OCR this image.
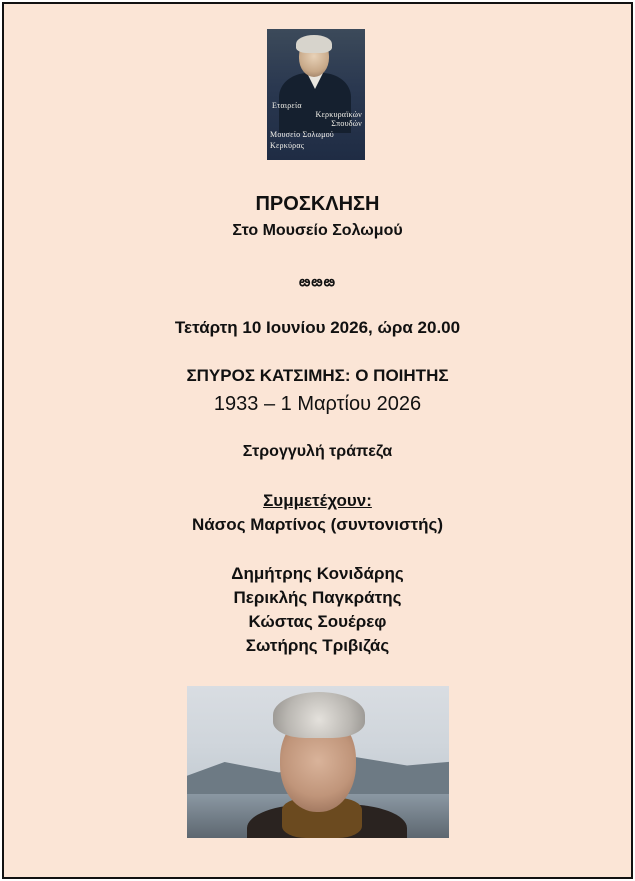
Εταιρεία
Κερκυραϊκών
Σπουδών
Μουσείο Σολωμού
Κερκύρας
ΠΡΟΣΚΛΗΣΗ
Στο Μουσείο Σολωμού
ఴఴఴ
Τετάρτη 10 Ιουνίου 2026, ώρα 20.00
ΣΠΥΡΟΣ ΚΑΤΣΙΜΗΣ: Ο ΠΟΙΗΤΗΣ
1933 – 1 Μαρτίου 2026
Στρογγυλή τράπεζα
Συμμετέχουν:
Νάσος Μαρτίνος (συντονιστής)
Δημήτρης Κονιδάρης
Περικλής Παγκράτης
Κώστας Σουέρεφ
Σωτήρης Τριβιζάς
